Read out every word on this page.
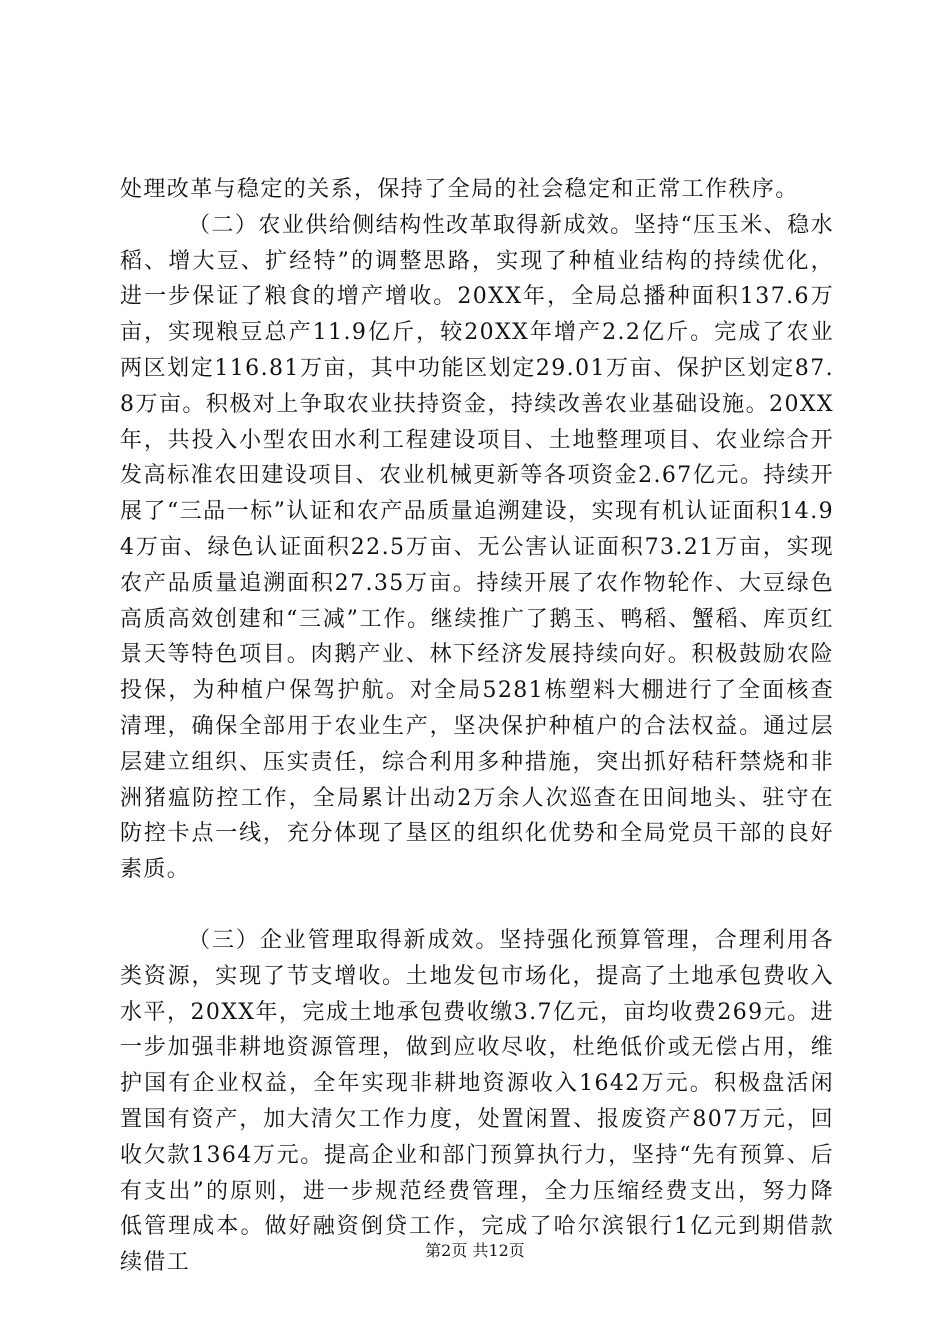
处理改革与稳定的关系，保持了全局的社会稳定和正常工作秩序。

（二）农业供给侧结构性改革取得新成效。坚持“压玉米、稳水稻、增大豆、扩经特”的调整思路，实现了种植业结构的持续优化，进一步保证了粮食的增产增收。20XX年，全局总播种面积137.6万亩，实现粮豆总产11.9亿斤，较20XX年增产2.2亿斤。完成了农业两区划定116.81万亩，其中功能区划定29.01万亩、保护区划定87.8万亩。积极对上争取农业扶持资金，持续改善农业基础设施。20XX年，共投入小型农田水利工程建设项目、土地整理项目、农业综合开发高标准农田建设项目、农业机械更新等各项资金2.67亿元。持续开展了“三品一标”认证和农产品质量追溯建设，实现有机认证面积14.94万亩、绿色认证面积22.5万亩、无公害认证面积73.21万亩，实现农产品质量追溯面积27.35万亩。持续开展了农作物轮作、大豆绿色高质高效创建和“三减”工作。继续推广了鹅玉、鸭稻、蟹稻、库页红景天等特色项目。肉鹅产业、林下经济发展持续向好。积极鼓励农险投保，为种植户保驾护航。对全局5281栋塑料大棚进行了全面核查清理，确保全部用于农业生产，坚决保护种植户的合法权益。通过层层建立组织、压实责任，综合利用多种措施，突出抓好秸秆禁烧和非洲猪瘟防控工作，全局累计出动2万余人次巡查在田间地头、驻守在防控卡点一线，充分体现了垦区的组织化优势和全局党员干部的良好素质。

（三）企业管理取得新成效。坚持强化预算管理，合理利用各类资源，实现了节支增收。土地发包市场化，提高了土地承包费收入水平，20XX年，完成土地承包费收缴3.7亿元，亩均收费269元。进一步加强非耕地资源管理，做到应收尽收，杜绝低价或无偿占用，维护国有企业权益，全年实现非耕地资源收入1642万元。积极盘活闲置国有资产，加大清欠工作力度，处置闲置、报废资产807万元，回收欠款1364万元。提高企业和部门预算执行力，坚持“先有预算、后有支出”的原则，进一步规范经费管理，全力压缩经费支出，努力降低管理成本。做好融资倒贷工作，完成了哈尔滨银行1亿元到期借款续借工	第2页 共12页
